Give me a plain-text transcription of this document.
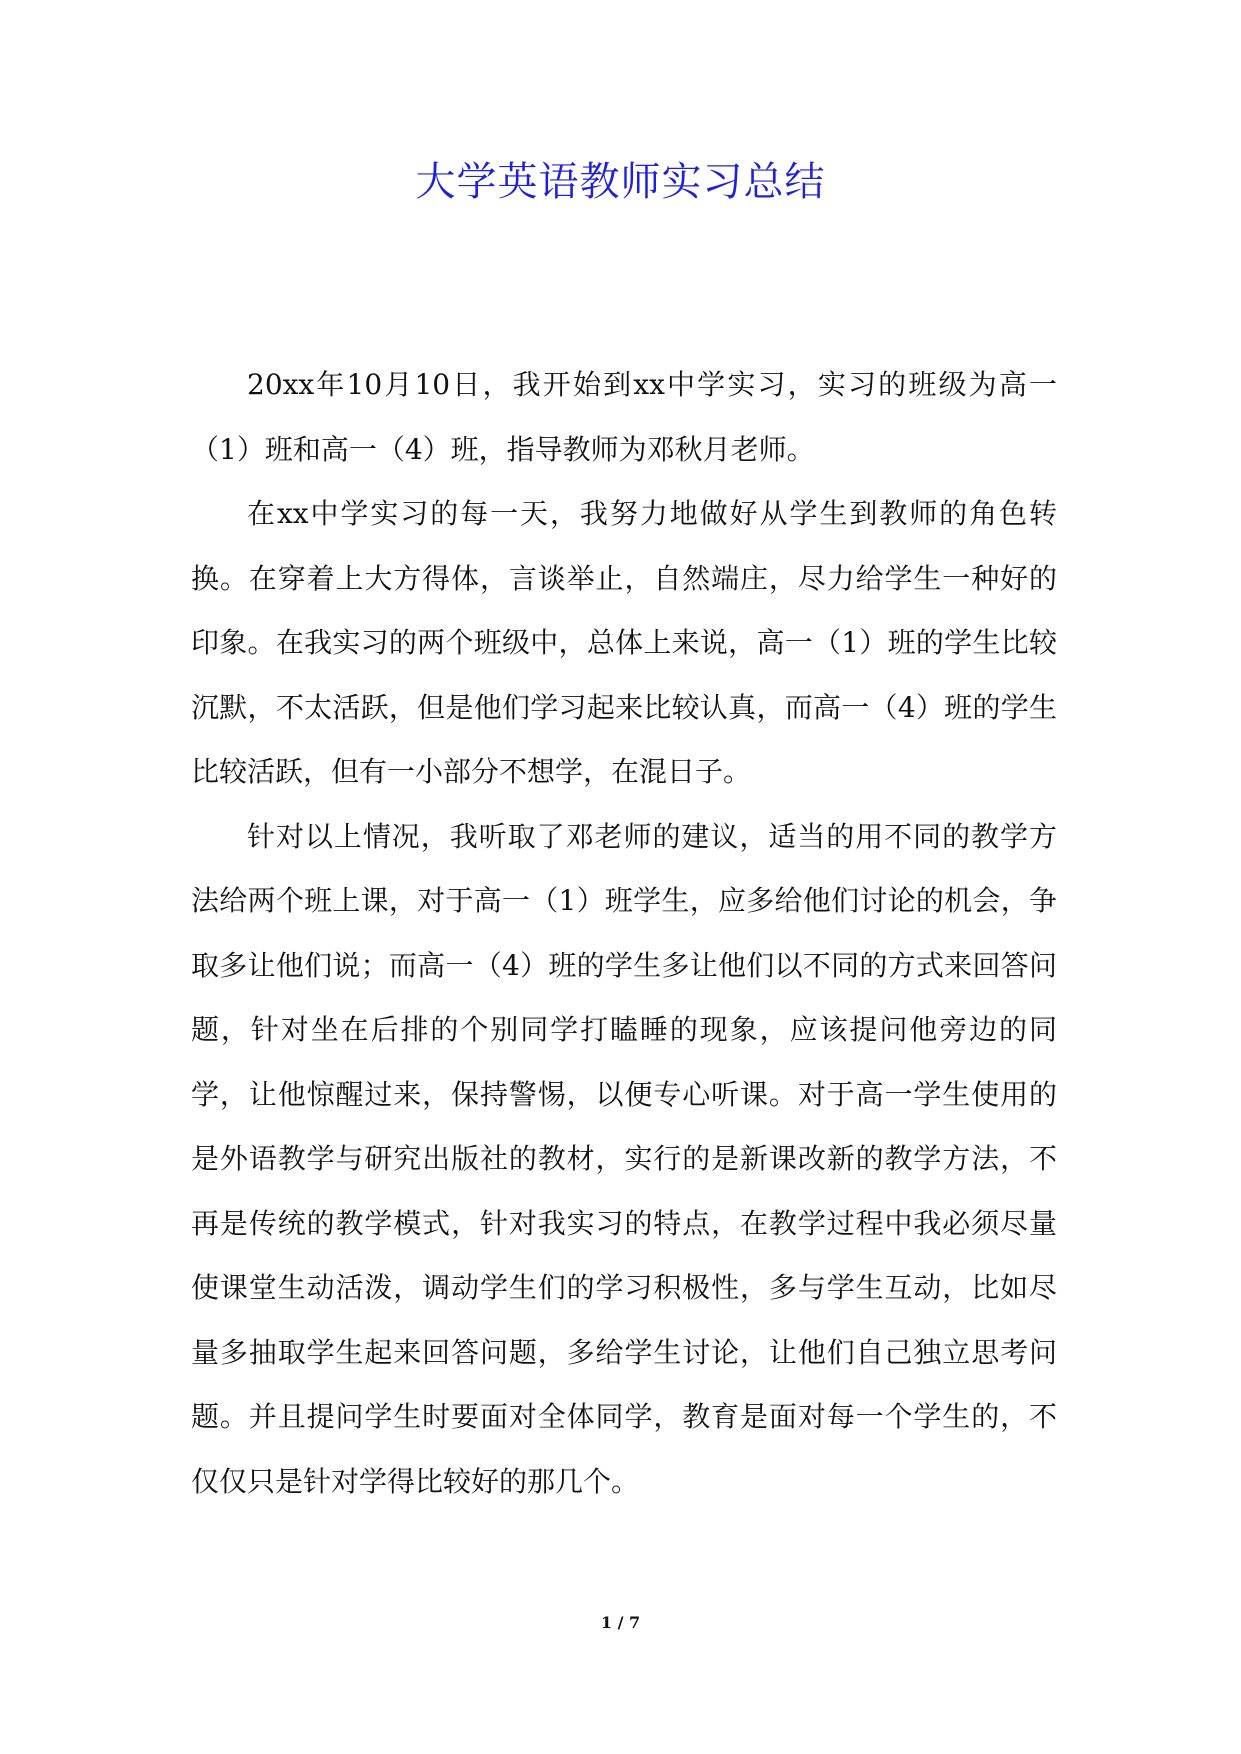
大学英语教师实习总结

20xx年10月10日，我开始到xx中学实习，实习的班级为高一（1）班和高一（4）班，指导教师为邓秋月老师。

在xx中学实习的每一天，我努力地做好从学生到教师的角色转换。在穿着上大方得体，言谈举止，自然端庄，尽力给学生一种好的印象。在我实习的两个班级中，总体上来说，高一（1）班的学生比较沉默，不太活跃，但是他们学习起来比较认真，而高一（4）班的学生比较活跃，但有一小部分不想学，在混日子。

针对以上情况，我听取了邓老师的建议，适当的用不同的教学方法给两个班上课，对于高一（1）班学生，应多给他们讨论的机会，争取多让他们说；而高一（4）班的学生多让他们以不同的方式来回答问题，针对坐在后排的个别同学打瞌睡的现象，应该提问他旁边的同学，让他惊醒过来，保持警惕，以便专心听课。对于高一学生使用的是外语教学与研究出版社的教材，实行的是新课改新的教学方法，不再是传统的教学模式，针对我实习的特点，在教学过程中我必须尽量使课堂生动活泼，调动学生们的学习积极性，多与学生互动，比如尽量多抽取学生起来回答问题，多给学生讨论，让他们自己独立思考问题。并且提问学生时要面对全体同学，教育是面对每一个学生的，不仅仅只是针对学得比较好的那几个。

1 / 7
